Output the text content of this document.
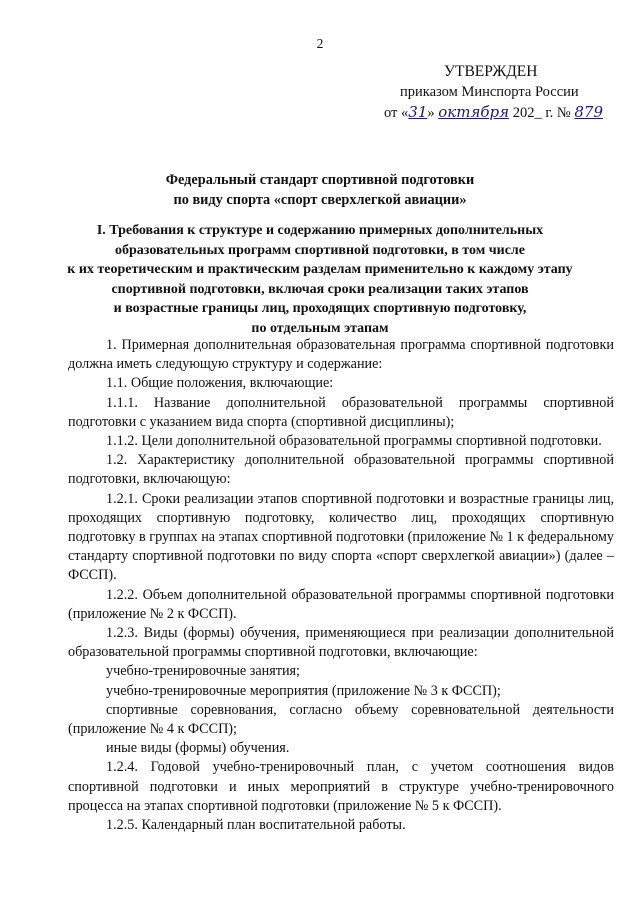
2
УТВЕРЖДЕН
приказом Минспорта России
от «31» октября 202_ г. № 879
Федеральный стандарт спортивной подготовки
по виду спорта «спорт сверхлегкой авиации»
I. Требования к структуре и содержанию примерных дополнительных
образовательных программ спортивной подготовки, в том числе
к их теоретическим и практическим разделам применительно к каждому этапу
спортивной подготовки, включая сроки реализации таких этапов
и возрастные границы лиц, проходящих спортивную подготовку,
по отдельным этапам

1. Примерная дополнительная образовательная программа спортивной подготовки должна иметь следующую структуру и содержание:

1.1. Общие положения, включающие:

1.1.1. Название дополнительной образовательной программы спортивной подготовки с указанием вида спорта (спортивной дисциплины);

1.1.2. Цели дополнительной образовательной программы спортивной подготовки.

1.2. Характеристику дополнительной образовательной программы спортивной подготовки, включающую:

1.2.1. Сроки реализации этапов спортивной подготовки и возрастные границы лиц, проходящих спортивную подготовку, количество лиц, проходящих спортивную подготовку в группах на этапах спортивной подготовки (приложение № 1 к федеральному стандарту спортивной подготовки по виду спорта «спорт сверхлегкой авиации») (далее – ФССП).

1.2.2. Объем дополнительной образовательной программы спортивной подготовки (приложение № 2 к ФССП).

1.2.3. Виды (формы) обучения, применяющиеся при реализации дополнительной образовательной программы спортивной подготовки, включающие:

учебно-тренировочные занятия;

учебно-тренировочные мероприятия (приложение № 3 к ФССП);

спортивные соревнования, согласно объему соревновательной деятельности (приложение № 4 к ФССП);

иные виды (формы) обучения.

1.2.4. Годовой учебно-тренировочный план, с учетом соотношения видов спортивной подготовки и иных мероприятий в структуре учебно-тренировочного процесса на этапах спортивной подготовки (приложение № 5 к ФССП).

1.2.5. Календарный план воспитательной работы.
